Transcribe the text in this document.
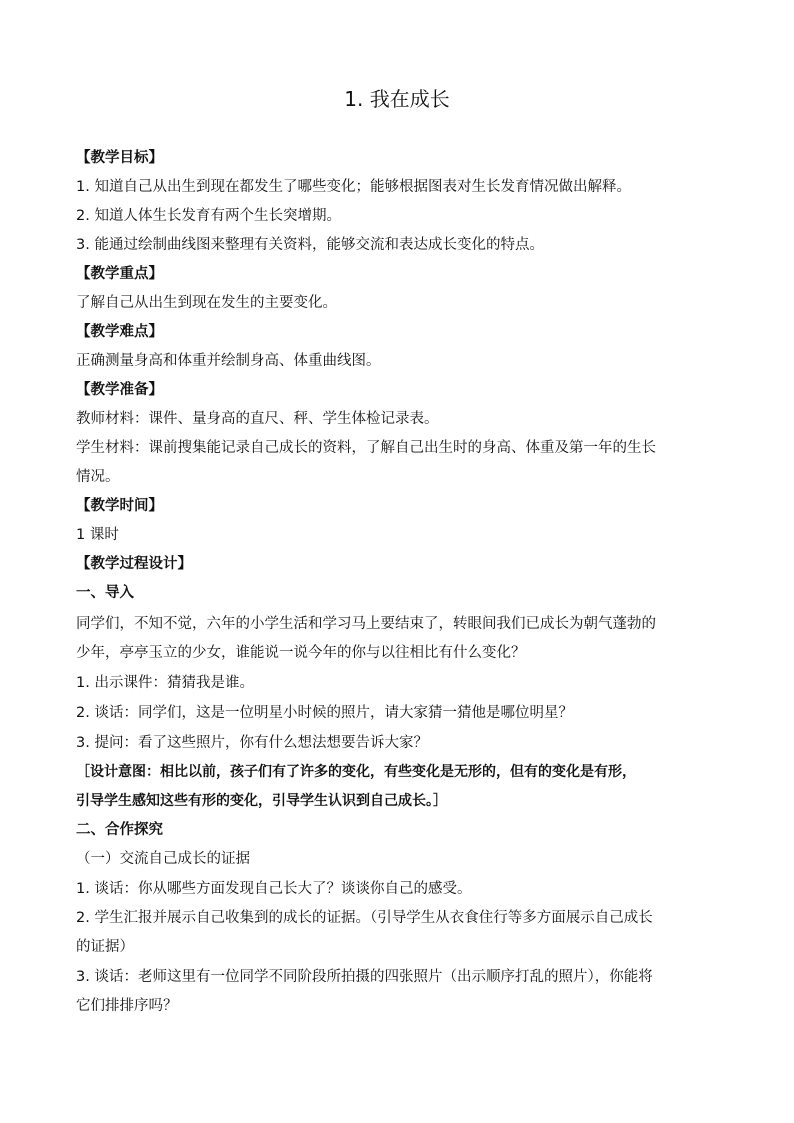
1. 我在成长
【教学目标】
1. 知道自己从出生到现在都发生了哪些变化；能够根据图表对生长发育情况做出解释。
2. 知道人体生长发育有两个生长突增期。
3. 能通过绘制曲线图来整理有关资料，能够交流和表达成长变化的特点。
【教学重点】
了解自己从出生到现在发生的主要变化。
【教学难点】
正确测量身高和体重并绘制身高、体重曲线图。
【教学准备】
教师材料：课件、量身高的直尺、秤、学生体检记录表。
学生材料：课前搜集能记录自己成长的资料，了解自己出生时的身高、体重及第一年的生长
情况。
【教学时间】
1 课时
【教学过程设计】
一、导入
同学们，不知不觉，六年的小学生活和学习马上要结束了，转眼间我们已成长为朝气蓬勃的
少年，亭亭玉立的少女，谁能说一说今年的你与以往相比有什么变化？
1. 出示课件：猜猜我是谁。
2. 谈话：同学们，这是一位明星小时候的照片，请大家猜一猜他是哪位明星？
3. 提问：看了这些照片，你有什么想法想要告诉大家？
［设计意图：相比以前，孩子们有了许多的变化，有些变化是无形的，但有的变化是有形，
引导学生感知这些有形的变化，引导学生认识到自己成长。］
二、合作探究
（一）交流自己成长的证据
1. 谈话：你从哪些方面发现自己长大了？谈谈你自己的感受。
2. 学生汇报并展示自己收集到的成长的证据。（引导学生从衣食住行等多方面展示自己成长
的证据）
3. 谈话：老师这里有一位同学不同阶段所拍摄的四张照片（出示顺序打乱的照片），你能将
它们排排序吗？
